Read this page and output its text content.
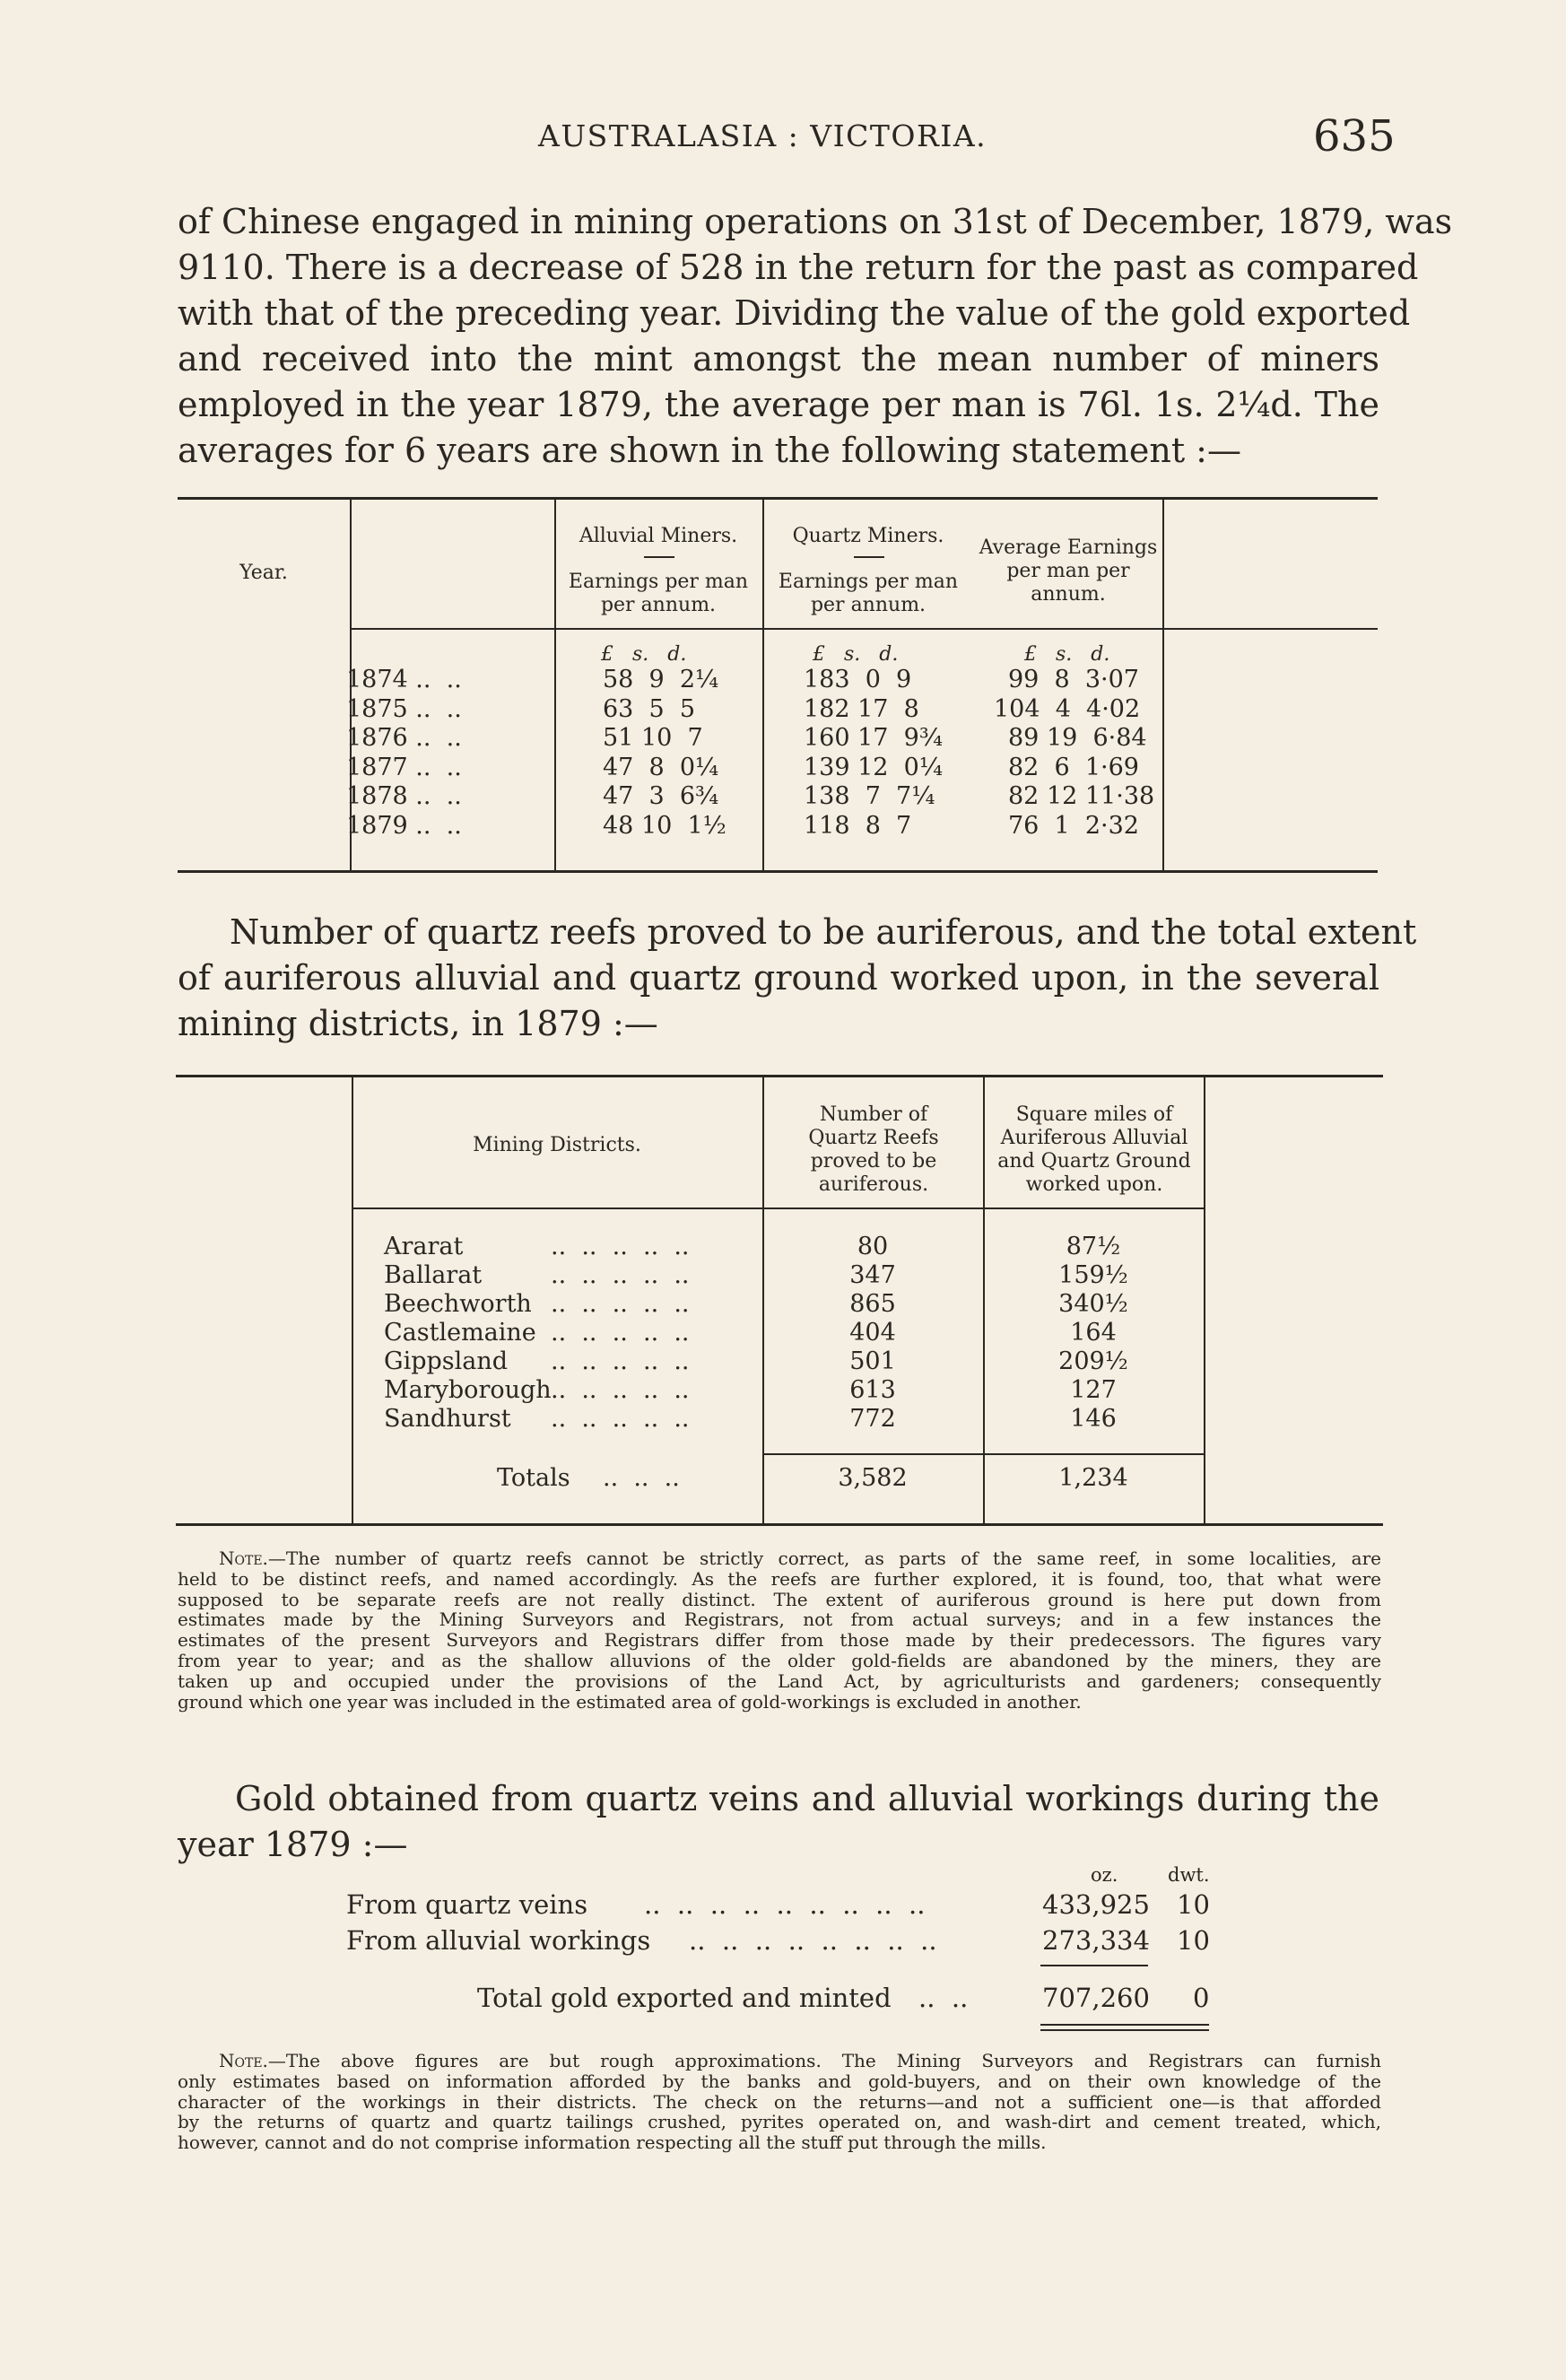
AUSTRALASIA : VICTORIA.	635
of Chinese engaged in mining operations on 31st of December, 1879, was
9110. There is a decrease of 528 in the return for the past as compared
with that of the preceding year. Dividing the value of the gold exported
and received into the mint amongst the mean number of miners
employed in the year 1879, the average per man is 76l. 1s. 2¼d. The
averages for 6 years are shown in the following statement :—
Year.
Alluvial Miners.
Earnings per man per annum.
Quartz Miners.
Earnings per man per annum.
Average Earnings per man per annum.
£   s.   d.	£   s.   d.	£   s.   d.
1874 ..  ..	58  9  2¼	183  0  9	99  8  3·07
1875 ..  ..	63  5  5	182 17  8	104  4  4·02
1876 ..  ..	51 10  7	160 17  9¾	89 19  6·84
1877 ..  ..	47  8  0¼	139 12  0¼	82  6  1·69
1878 ..  ..	47  3  6¾	138  7  7¼	82 12 11·38
1879 ..  ..	48 10  1½	118  8  7	76  1  2·32
Number of quartz reefs proved to be auriferous, and the total extent
of auriferous alluvial and quartz ground worked upon, in the several
mining districts, in 1879 :—
Mining Districts.
Number of Quartz Reefs proved to be auriferous.
Square miles of Auriferous Alluvial and Quartz Ground worked upon.
Ararat	..  ..  ..  ..  ..	80	87½
Ballarat	..  ..  ..  ..  ..	347	159½
Beechworth ..  ..  ..  ..  ..	865	340½
Castlemaine ..  ..  ..  ..  ..	404	164
Gippsland ..  ..  ..  ..  ..	501	209½
Maryborough ..  ..  ..  ..  ..	613	127
Sandhurst ..  ..  ..  ..  ..	772	146
Totals ..  ..  ..	3,582	1,234
Note.—The number of quartz reefs cannot be strictly correct, as parts of the same reef, in some localities, are
held to be distinct reefs, and named accordingly. As the reefs are further explored, it is found, too, that what were
supposed to be separate reefs are not really distinct. The extent of auriferous ground is here put down from
estimates made by the Mining Surveyors and Registrars, not from actual surveys; and in a few instances the
estimates of the present Surveyors and Registrars differ from those made by their predecessors. The figures vary
from year to year; and as the shallow alluvions of the older gold-fields are abandoned by the miners, they are
taken up and occupied under the provisions of the Land Act, by agriculturists and gardeners; consequently
ground which one year was included in the estimated area of gold-workings is excluded in another.
Gold obtained from quartz veins and alluvial workings during the
year 1879 :—
oz.	dwt.
From quartz veins ..  ..  ..  ..  ..  ..  ..  ..  ..	433,925 10
From alluvial workings ..  ..  ..  ..  ..  ..  ..  ..	273,334 10
Total gold exported and minted ..  ..	707,260 0
Note.—The above figures are but rough approximations. The Mining Surveyors and Registrars can furnish
only estimates based on information afforded by the banks and gold-buyers, and on their own knowledge of the
character of the workings in their districts. The check on the returns—and not a sufficient one—is that afforded
by the returns of quartz and quartz tailings crushed, pyrites operated on, and wash-dirt and cement treated, which,
however, cannot and do not comprise information respecting all the stuff put through the mills.
